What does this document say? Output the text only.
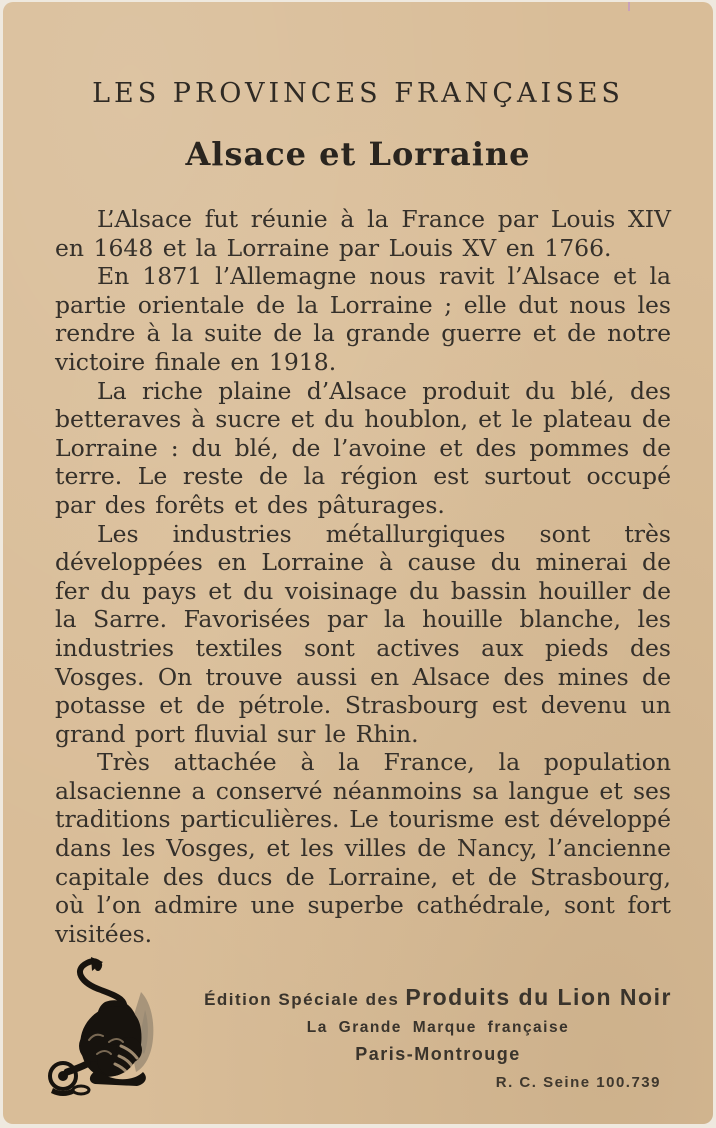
LES PROVINCES FRANÇAISES
Alsace et Lorraine

L’Alsace fut réunie à la France par Louis XIV en 1648 et la Lorraine par Louis XV en 1766.

En 1871 l’Allemagne nous ravit l’Alsace et la partie orientale de la Lorraine ; elle dut nous les rendre à la suite de la grande guerre et de notre victoire finale en 1918.

La riche plaine d’Alsace produit du blé, des betteraves à sucre et du houblon, et le plateau de Lorraine : du blé, de l’avoine et des pommes de terre. Le reste de la région est surtout occupé par des forêts et des pâturages.

Les industries métallurgiques sont très développées en Lorraine à cause du minerai de fer du pays et du voisinage du bassin houiller de la Sarre. Favorisées par la houille blanche, les industries textiles sont actives aux pieds des Vosges. On trouve aussi en Alsace des mines de potasse et de pétrole. Strasbourg est devenu un grand port fluvial sur le Rhin.

Très attachée à la France, la population alsacienne a conservé néanmoins sa langue et ses traditions particulières. Le tourisme est développé dans les Vosges, et les villes de Nancy, l’ancienne capitale des ducs de Lorraine, et de Strasbourg, où l’on admire une superbe cathédrale, sont fort visitées.

Édition Spéciale des Produits du Lion Noir
La Grande Marque française
Paris-Montrouge
R. C. Seine 100.739
